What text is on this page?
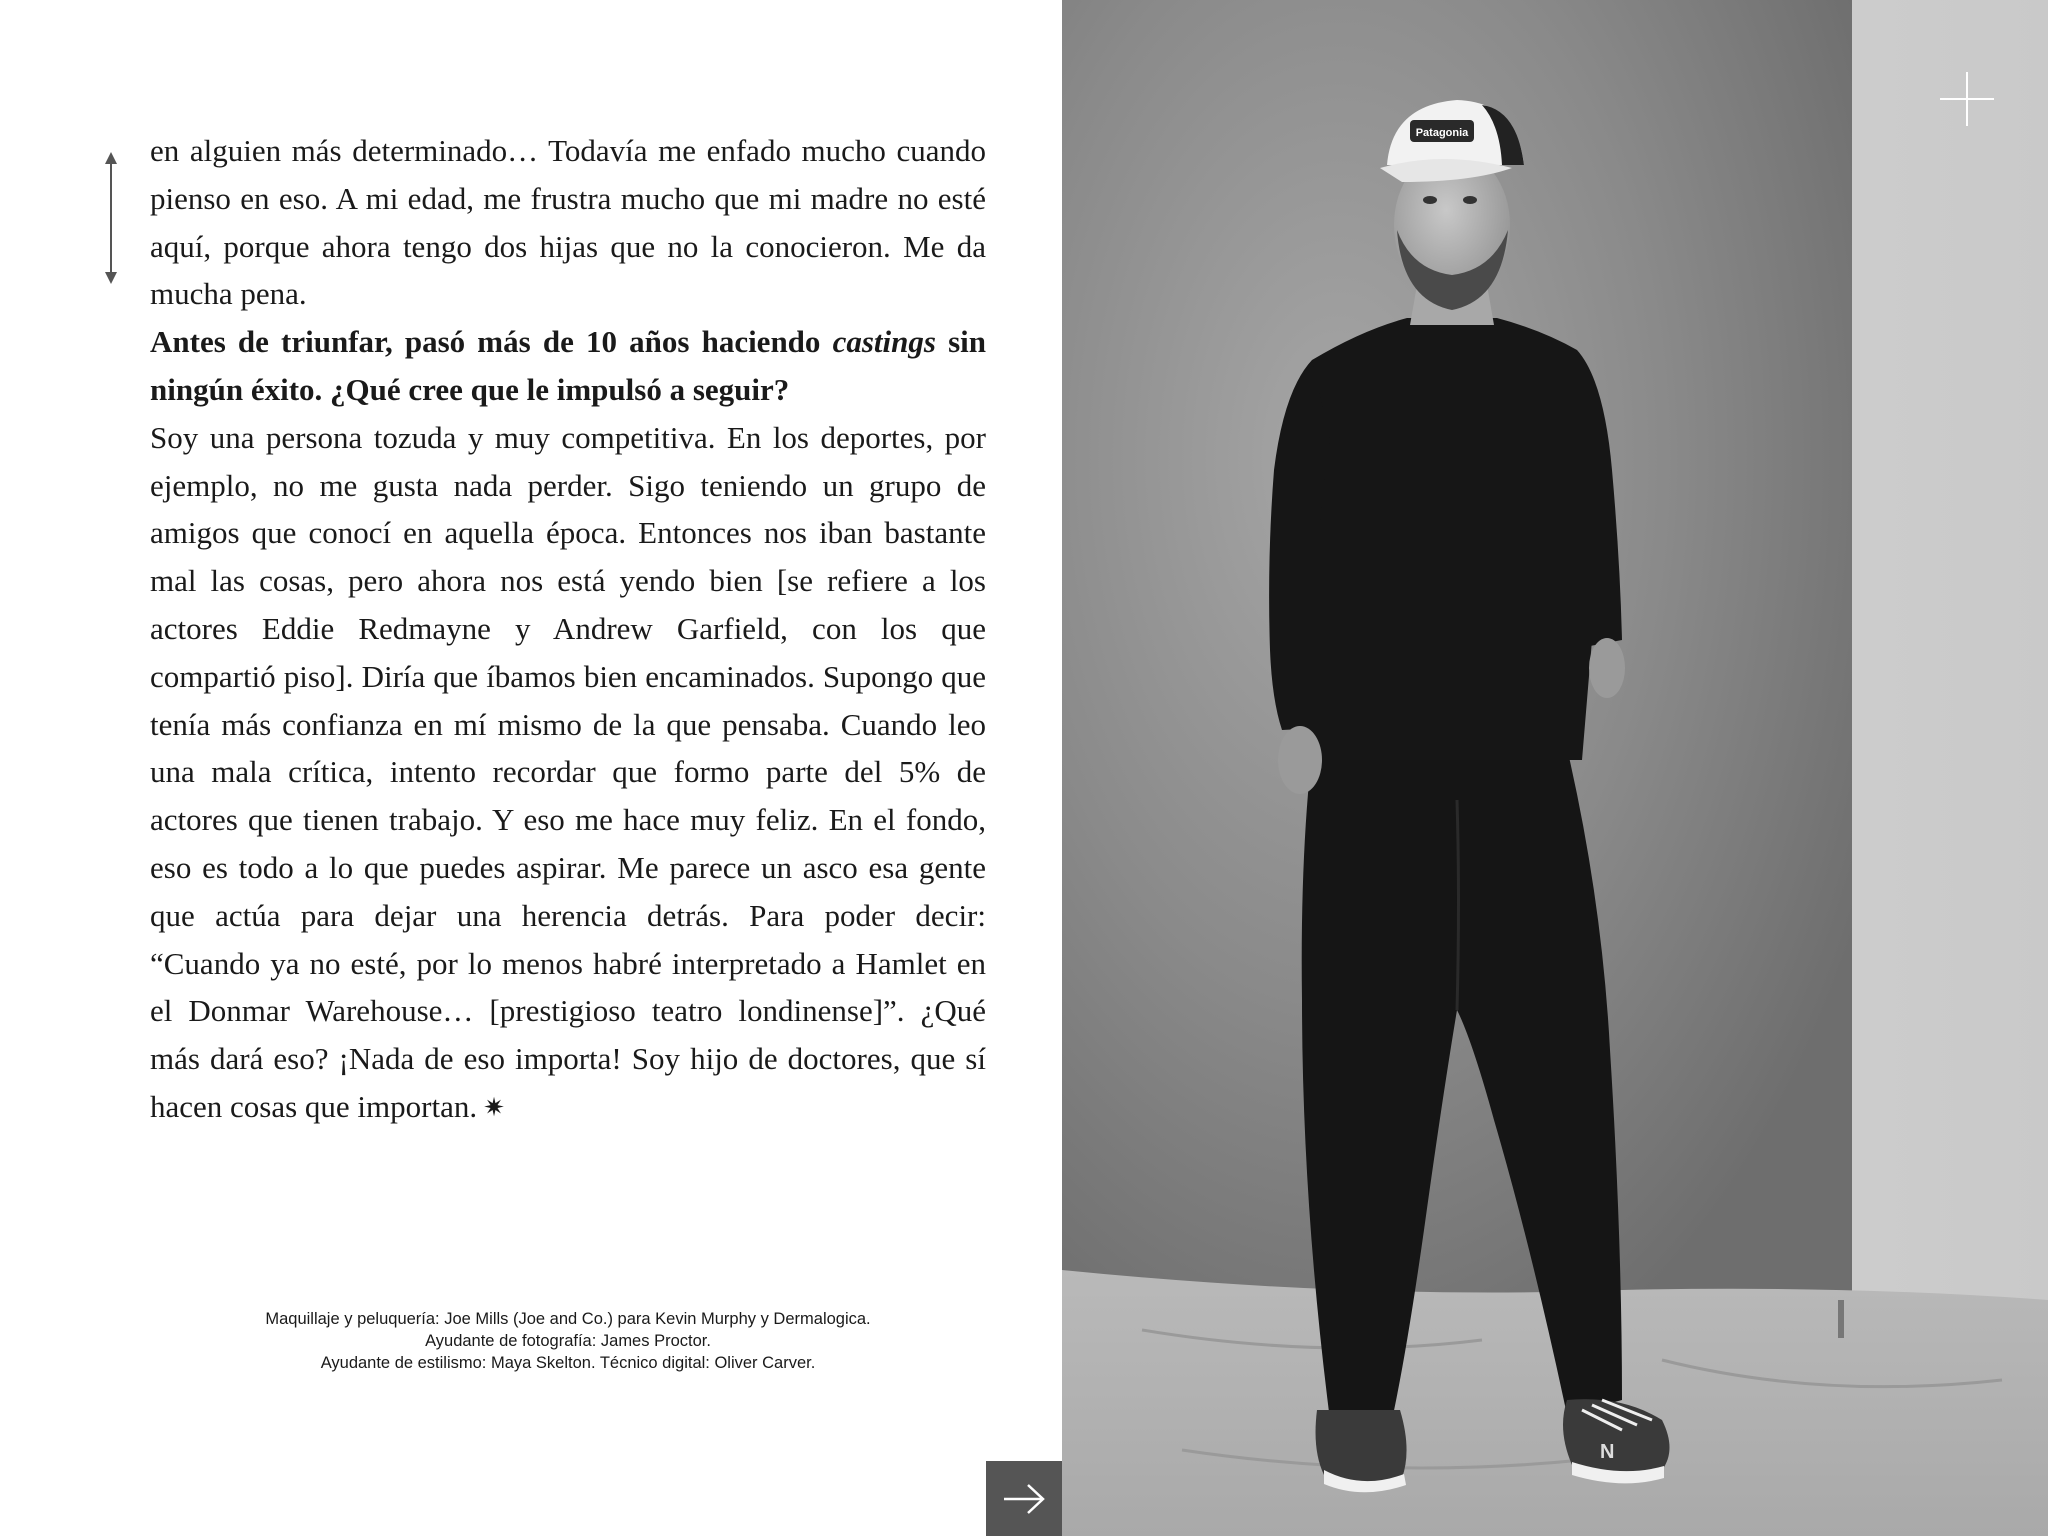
en alguien más determinado… Todavía me enfado mucho cuando pienso en eso. A mi edad, me frustra mucho que mi madre no esté aquí, porque ahora tengo dos hijas que no la conocieron. Me da mucha pena.

Antes de triunfar, pasó más de 10 años haciendo castings sin ningún éxito. ¿Qué cree que le impulsó a seguir?

Soy una persona tozuda y muy competitiva. En los deportes, por ejemplo, no me gusta nada perder. Sigo teniendo un grupo de amigos que conocí en aquella época. Entonces nos iban bastante mal las cosas, pero ahora nos está yendo bien [se refiere a los actores Eddie Redmayne y Andrew Garfield, con los que compartió piso]. Diría que íbamos bien encaminados. Supongo que tenía más confianza en mí mismo de la que pensaba. Cuando leo una mala crítica, intento recordar que formo parte del 5% de actores que tienen trabajo. Y eso me hace muy feliz. En el fondo, eso es todo a lo que puedes aspirar. Me parece un asco esa gente que actúa para dejar una herencia detrás. Para poder decir: “Cuando ya no esté, por lo menos habré interpretado a Hamlet en el Donmar Warehouse… [prestigioso teatro londinense]”. ¿Qué más dará eso? ¡Nada de eso importa! Soy hijo de doctores, que sí hacen cosas que importan. ✷

Maquillaje y peluquería: Joe Mills (Joe and Co.) para Kevin Murphy y Dermalogica.
Ayudante de fotografía: James Proctor.
Ayudante de estilismo: Maya Skelton. Técnico digital: Oliver Carver.
Patagonia
N
